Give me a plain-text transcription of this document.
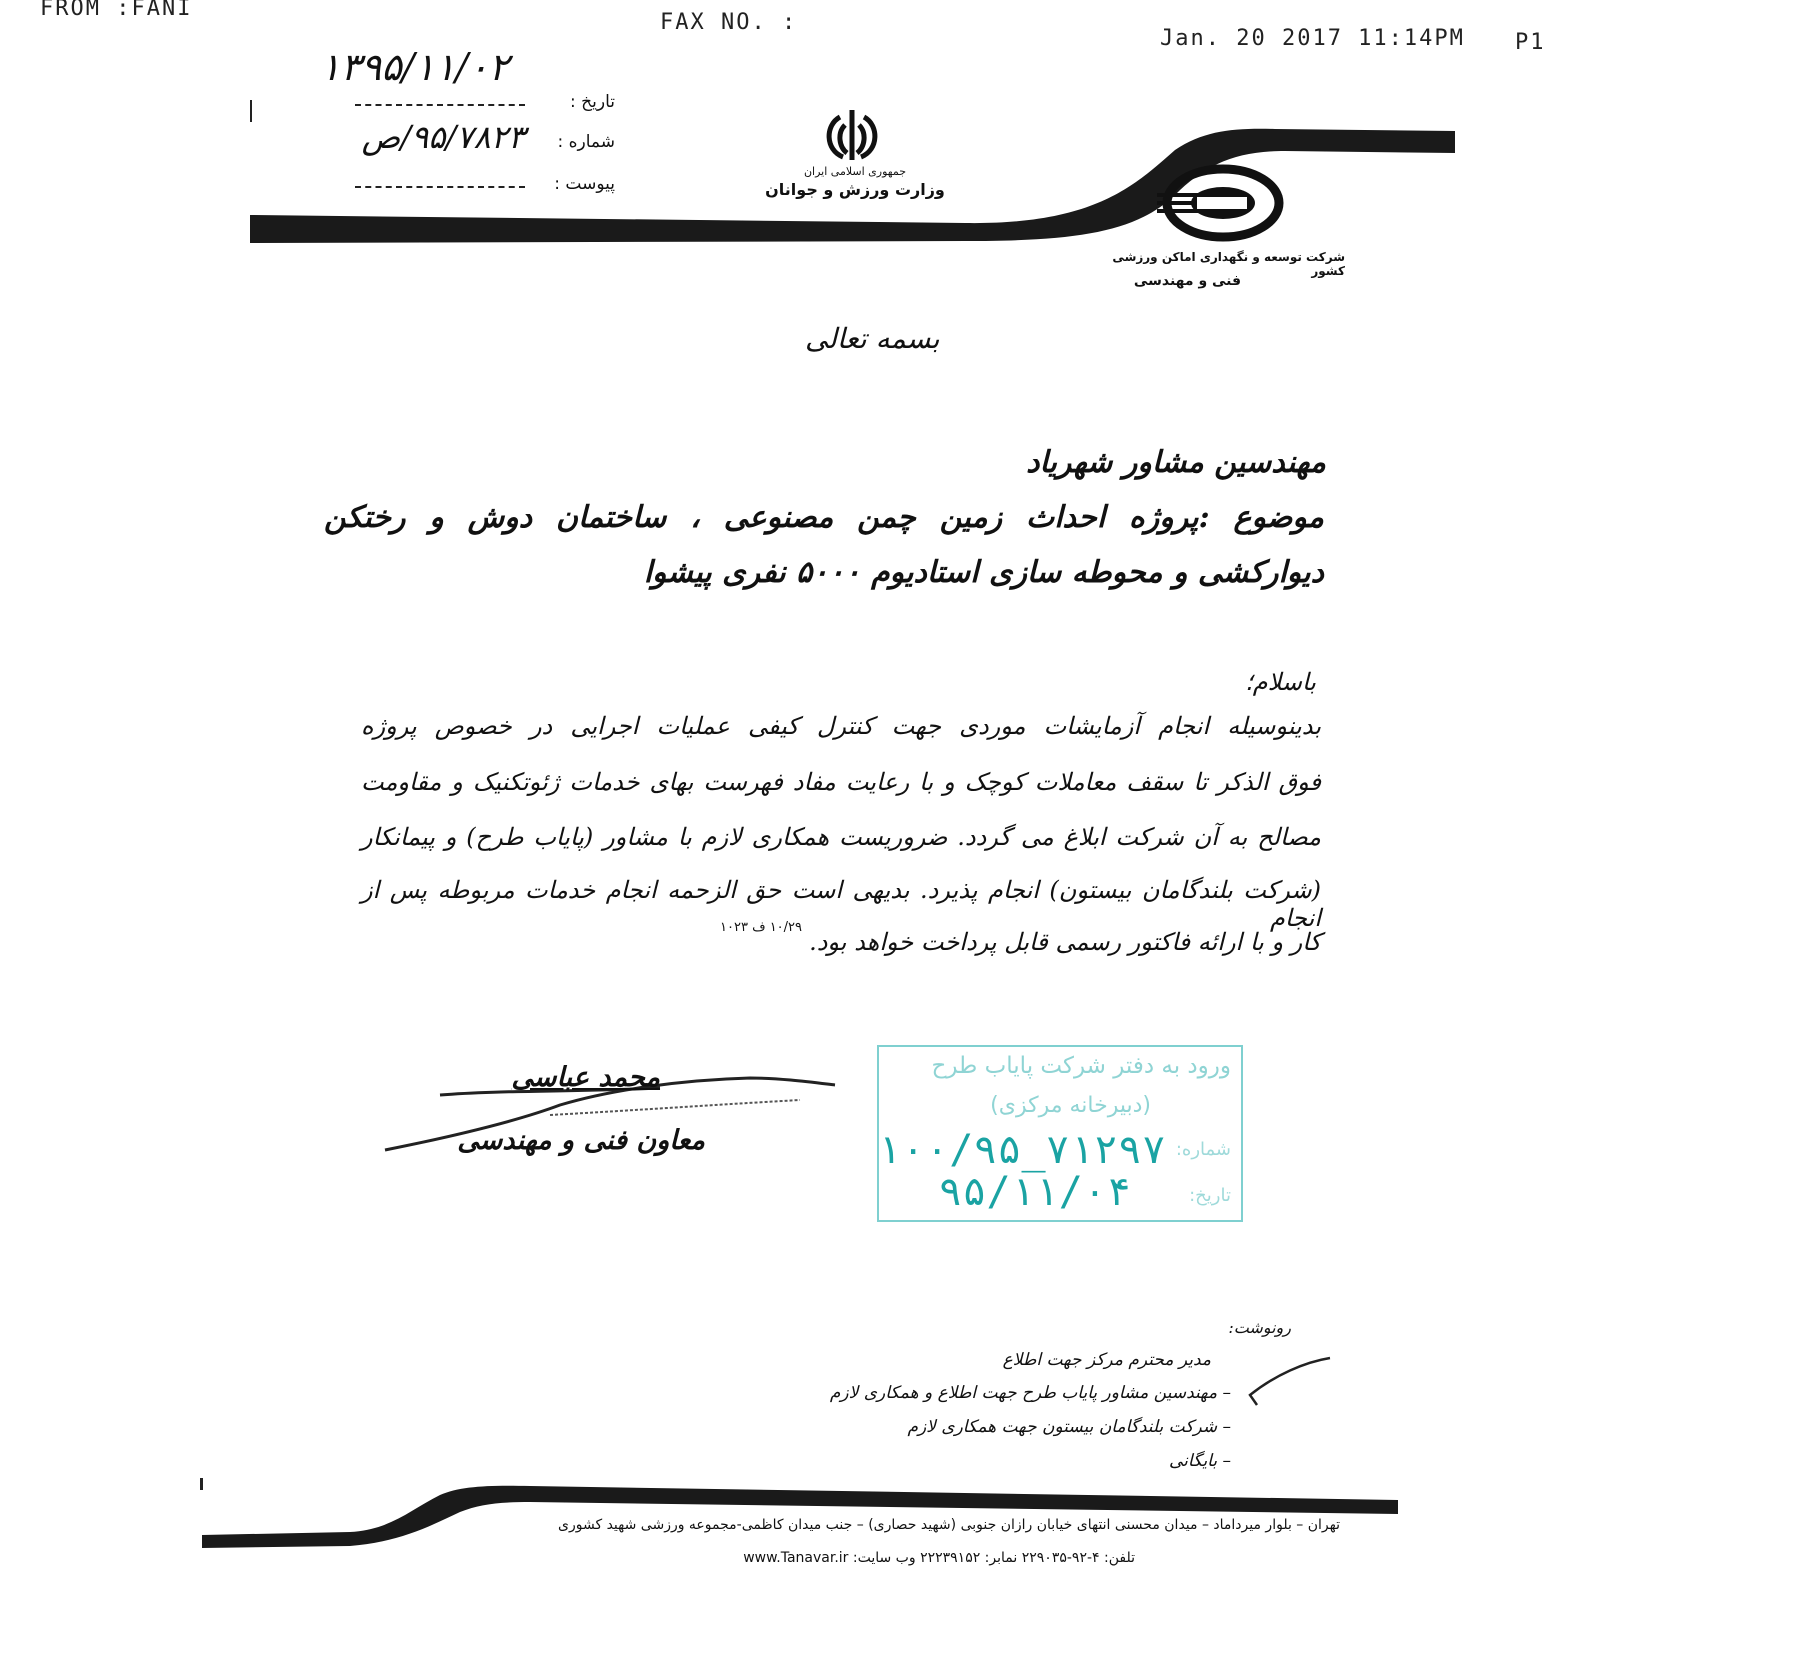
FROM :FANI
FAX NO. :
Jan. 20 2017 11:14PM P1
جمهوری اسلامی ایران
وزارت ورزش و جوانان
شرکت توسعه و نگهداری اماکن ورزشی کشور
فنی و مهندسی
تاریخ :
۱۳۹۵/۱۱/۰۲
شماره :
۹۵/۷۸۲۳/ص
پیوست :
بسمه تعالی
مهندسین مشاور شهریاد
موضوع :پروژه احداث زمین چمن مصنوعی ، ساختمان دوش و رختکن
دیوارکشی و محوطه سازی استادیوم ۵۰۰۰ نفری پیشوا
باسلام؛
بدینوسیله انجام آزمایشات موردی جهت کنترل کیفی عملیات اجرایی در خصوص پروژه
فوق الذکر تا سقف معاملات کوچک و با رعایت مفاد فهرست بهای خدمات ژئوتکنیک و مقاومت
مصالح به آن شرکت ابلاغ می گردد. ضروریست همکاری لازم با مشاور (پایاب طرح) و پیمانکار
(شرکت بلندگامان بیستون) انجام پذیرد. بدیهی است حق الزحمه انجام خدمات مربوطه پس از انجام
کار و با ارائه فاکتور رسمی قابل پرداخت خواهد بود.
۱۰/۲۹ ف ۱۰۲۳
محمد عباسی
معاون فنی و مهندسی
ورود به دفتر شرکت پایاب طرح
(دبیرخانه مرکزی)
شماره:
۱۰۰/۹۵_۷۱۲۹۷
تاریخ:
۹۵/۱۱/۰۴
رونوشت:
مدیر محترم مرکز جهت اطلاع
– مهندسین مشاور پایاب طرح جهت اطلاع و همکاری لازم
– شرکت بلندگامان بیستون جهت همکاری لازم
– بایگانی
تهران – بلوار میرداماد – میدان محسنی انتهای خیابان رازان جنوبی (شهید حصاری) – جنب میدان کاظمی-مجموعه ورزشی شهید کشوری
تلفن: ۴-۹۲-۲۲۹۰۳۵ نمابر: ۲۲۲۳۹۱۵۲ وب سایت: www.Tanavar.ir
